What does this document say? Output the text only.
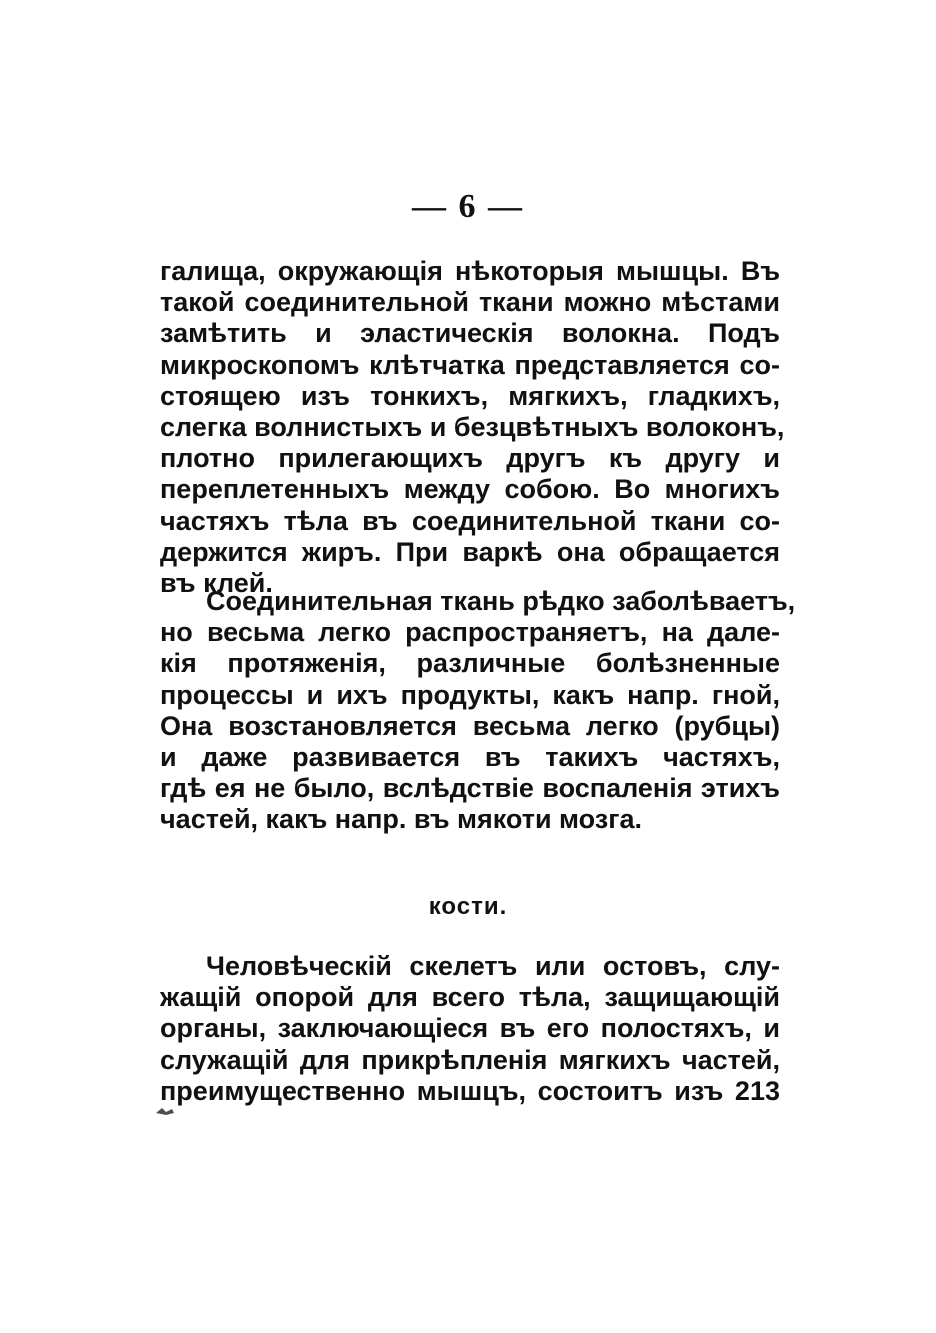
— 6 —
галища, окружающія нѣкоторыя мышцы. Въ
такой соединительной ткани можно мѣстами
замѣтить и эластическія волокна. Подъ
микроскопомъ клѣтчатка представляется со-
стоящею изъ тонкихъ, мягкихъ, гладкихъ,
слегка волнистыхъ и безцвѣтныхъ волоконъ,
плотно прилегающихъ другъ къ другу и
переплетенныхъ между собою. Во многихъ
частяхъ тѣла въ соединительной ткани со-
держится жиръ. При варкѣ она обращается
въ клей.
Соединительная ткань рѣдко заболѣваетъ,
но весьма легко распространяетъ, на дале-
кія протяженія, различные болѣзненные
процессы и ихъ продукты, какъ напр. гной,
Она возстановляется весьма легко (рубцы)
и даже развивается въ такихъ частяхъ,
гдѣ ея не было, вслѣдствіе воспаленія этихъ
частей, какъ напр. въ мякоти мозга.
кости.
Человѣческій скелетъ или остовъ, слу-
жащій опорой для всего тѣла, защищающій
органы, заключающіеся въ его полостяхъ, и
служащій для прикрѣпленія мягкихъ частей,
преимущественно мышцъ, состоитъ изъ 213
